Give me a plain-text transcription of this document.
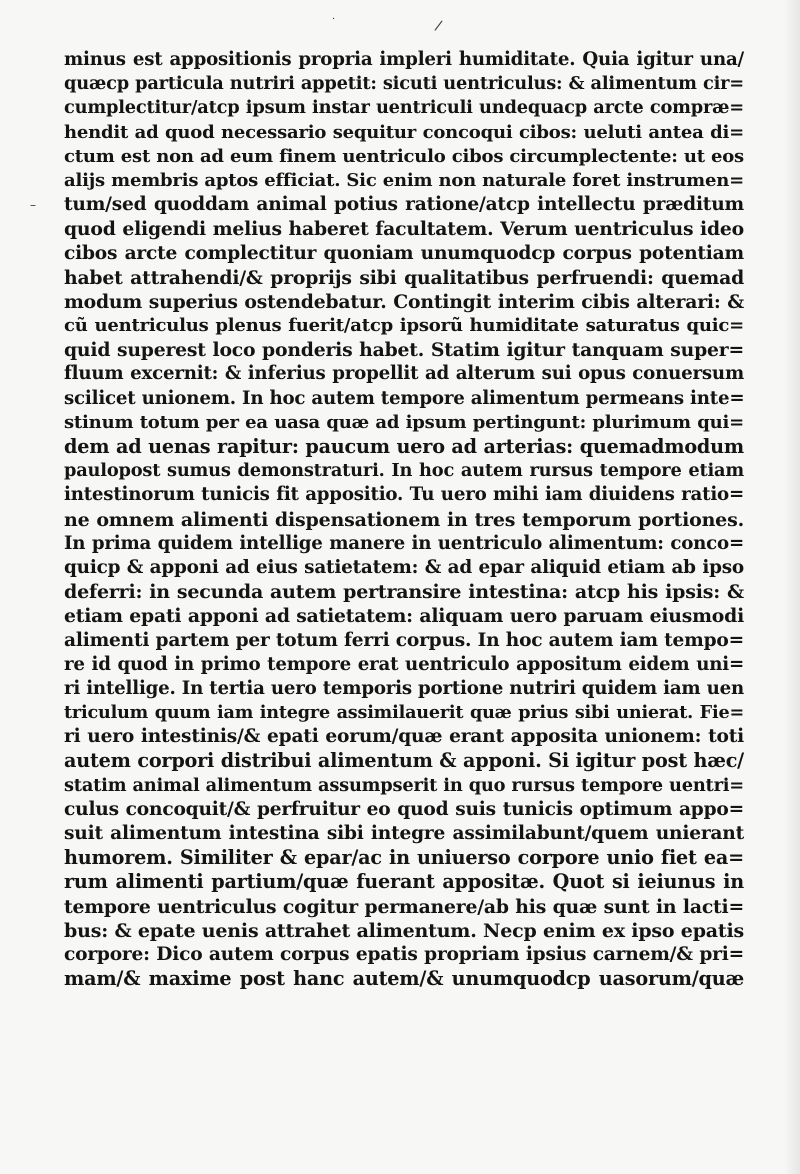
·	/
–
minus est appositionis propria impleri humiditate. Quia igitur una/
quæcp particula nutriri appetit: sicuti uentriculus: & alimentum cir=
cumplectitur/atcp ipsum instar uentriculi undequacp arcte compræ=
hendit ad quod necessario sequitur concoqui cibos: ueluti antea di=
ctum est non ad eum finem uentriculo cibos circumplectente: ut eos
alijs membris aptos efficiat. Sic enim non naturale foret instrumen=
tum/sed quoddam animal potius ratione/atcp intellectu præditum
quod eligendi melius haberet facultatem. Verum uentriculus ideo
cibos arcte complectitur quoniam unumquodcp corpus potentiam
habet attrahendi/& proprijs sibi qualitatibus perfruendi: quemad
modum superius ostendebatur. Contingit interim cibis alterari: &
cũ uentriculus plenus fuerit/atcp ipsorũ humiditate saturatus quic=
quid superest loco ponderis habet. Statim igitur tanquam super=
fluum excernit: & inferius propellit ad alterum sui opus conuersum
scilicet unionem. In hoc autem tempore alimentum permeans inte=
stinum totum per ea uasa quæ ad ipsum pertingunt: plurimum qui=
dem ad uenas rapitur: paucum uero ad arterias: quemadmodum
paulopost sumus demonstraturi. In hoc autem rursus tempore etiam
intestinorum tunicis fit appositio. Tu uero mihi iam diuidens ratio=
ne omnem alimenti dispensationem in tres temporum portiones.
In prima quidem intellige manere in uentriculo alimentum: conco=
quicp & apponi ad eius satietatem: & ad epar aliquid etiam ab ipso
deferri: in secunda autem pertransire intestina: atcp his ipsis: &
etiam epati apponi ad satietatem: aliquam uero paruam eiusmodi
alimenti partem per totum ferri corpus. In hoc autem iam tempo=
re id quod in primo tempore erat uentriculo appositum eidem uni=
ri intellige. In tertia uero temporis portione nutriri quidem iam uen
triculum quum iam integre assimilauerit quæ prius sibi unierat. Fie=
ri uero intestinis/& epati eorum/quæ erant apposita unionem: toti
autem corpori distribui alimentum & apponi. Si igitur post hæc/
statim animal alimentum assumpserit in quo rursus tempore uentri=
culus concoquit/& perfruitur eo quod suis tunicis optimum appo=
suit alimentum intestina sibi integre assimilabunt/quem unierant
humorem. Similiter & epar/ac in uniuerso corpore unio fiet ea=
rum alimenti partium/quæ fuerant appositæ. Quot si ieiunus in
tempore uentriculus cogitur permanere/ab his quæ sunt in lacti=
bus: & epate uenis attrahet alimentum. Necp enim ex ipso epatis
corpore: Dico autem corpus epatis propriam ipsius carnem/& pri=
mam/& maxime post hanc autem/& unumquodcp uasorum/quæ
